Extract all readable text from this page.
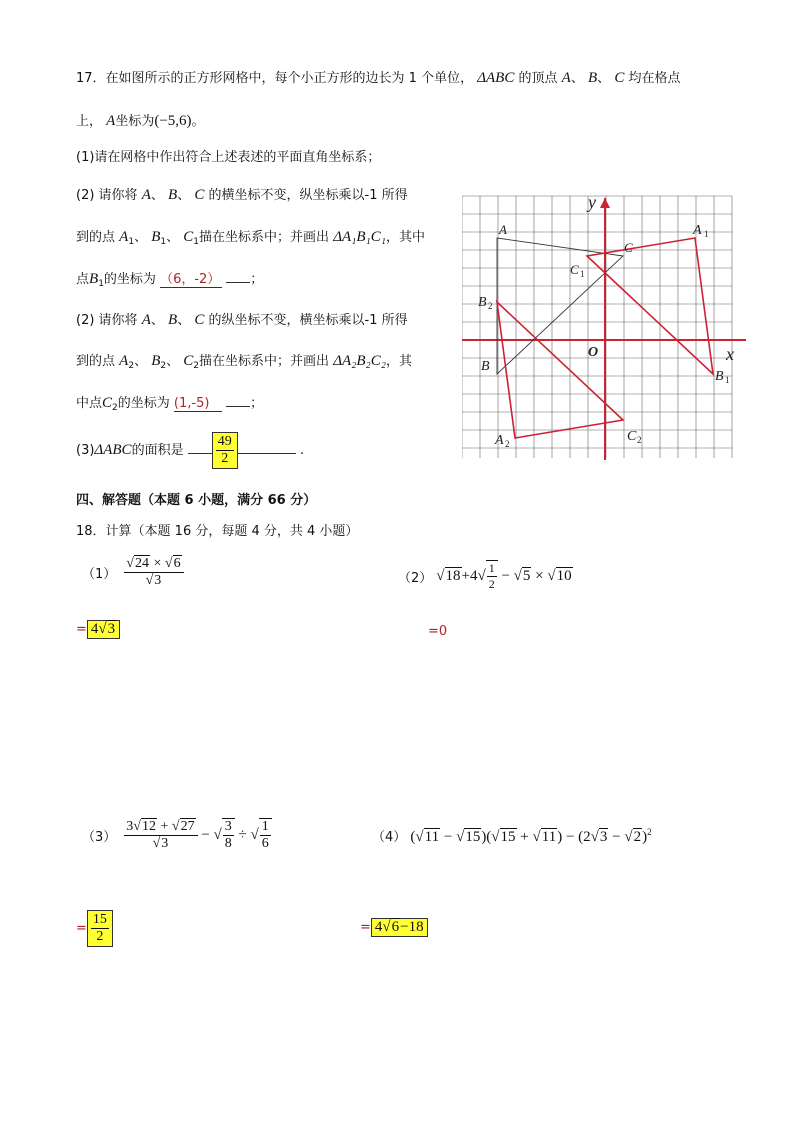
17．在如图所示的正方形网格中，每个小正方形的边长为 1 个单位， ΔABC 的顶点 A、 B、 C 均在格点
上， A坐标为(−5,6)。
(1)请在网格中作出符合上述表述的平面直角坐标系；
(2) 请你将 A、 B、 C 的横坐标不变，纵坐标乘以-1 所得
到的点 $A_1$、 $B_1$、 $C_1$描在坐标系中；并画出 ΔA₁B₁C₁，其中
点$B_1$的坐标为 （6，-2） ；
(2) 请你将 A、 B、 C 的纵坐标不变，横坐标乘以-1 所得
到的点 $A_2$、 $B_2$、 $C_2$描在坐标系中；并画出 ΔA₂B₂C₂，其
中点$C_2$的坐标为 (1,-5)	；
(3)ΔABC的面积是 $\frac{49}{2}$	.
y
x
O
A
B
C
A 1
B 1
C 1
A 2
B 2
C 2
四、解答题（本题 6 小题，满分 66 分）
18．计算（本题 16 分，每题 4 分，共 4 小题）
$(1) \frac{√24 \times √6}{√3}$
= 4√3
（2） √ 18 +4 √ $\frac{1}{2}$ − √ 5 × √ 10
=0
$(3) \frac{3√12 + √27}{√3}$ − √ $\frac{3}{8}$ ÷ √ $\frac{1}{6}$
= $\frac{15}{2}$
（4） $(√11 - √15)(√15 + √11) - (2√3 - √2)^2$
= 4√6−18
